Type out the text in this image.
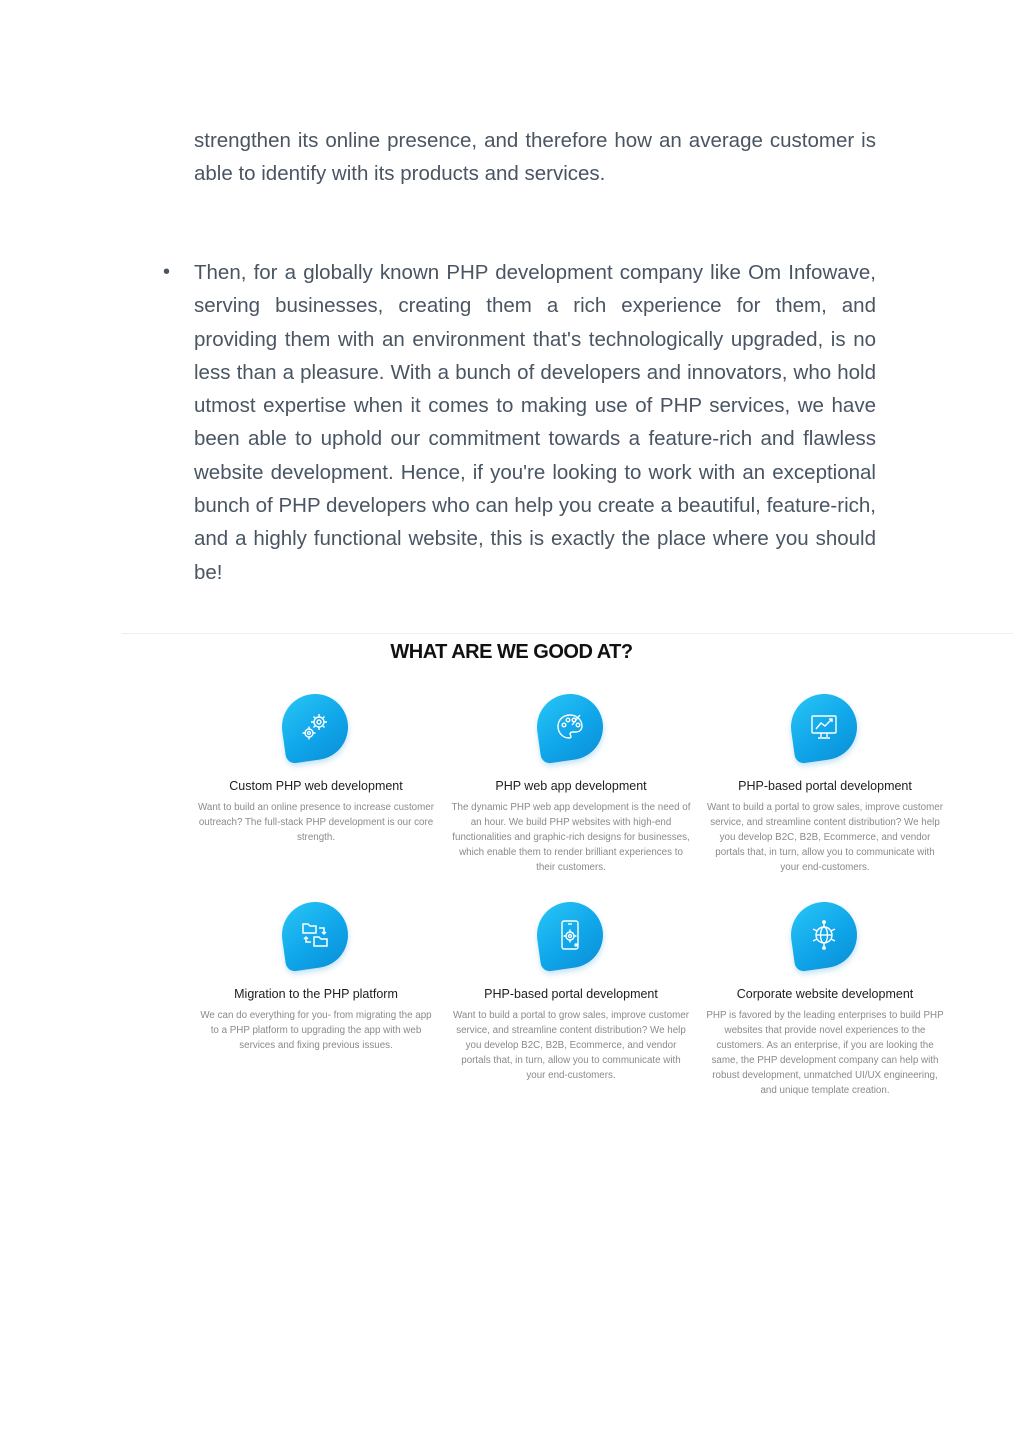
strengthen its online presence, and therefore how an average customer is able to identify with its products and services.

•	Then, for a globally known PHP development company like Om Infowave, serving businesses, creating them a rich experience for them, and providing them with an environment that's technologically upgraded, is no less than a pleasure. With a bunch of developers and innovators, who hold utmost expertise when it comes to making use of PHP services, we have been able to uphold our commitment towards a feature-rich and flawless website development. Hence, if you're looking to work with an exceptional bunch of PHP developers who can help you create a beautiful, feature-rich, and a highly functional website, this is exactly the place where you should be!

WHAT ARE WE GOOD AT?
Custom PHP web development

Want to build an online presence to increase customer outreach? The full-stack PHP development is our core strength.

PHP web app development

The dynamic PHP web app development is the need of an hour. We build PHP websites with high-end functionalities and graphic-rich designs for businesses, which enable them to render brilliant experiences to their customers.

PHP-based portal development

Want to build a portal to grow sales, improve customer service, and streamline content distribution? We help you develop B2C, B2B, Ecommerce, and vendor portals that, in turn, allow you to communicate with your end-customers.

Migration to the PHP platform

We can do everything for you- from migrating the app to a PHP platform to upgrading the app with web services and fixing previous issues.

PHP-based portal development

Want to build a portal to grow sales, improve customer service, and streamline content distribution? We help you develop B2C, B2B, Ecommerce, and vendor portals that, in turn, allow you to communicate with your end-customers.

Corporate website development

PHP is favored by the leading enterprises to build PHP websites that provide novel experiences to the customers. As an enterprise, if you are looking the same, the PHP development company can help with robust development, unmatched UI/UX engineering, and unique template creation.
